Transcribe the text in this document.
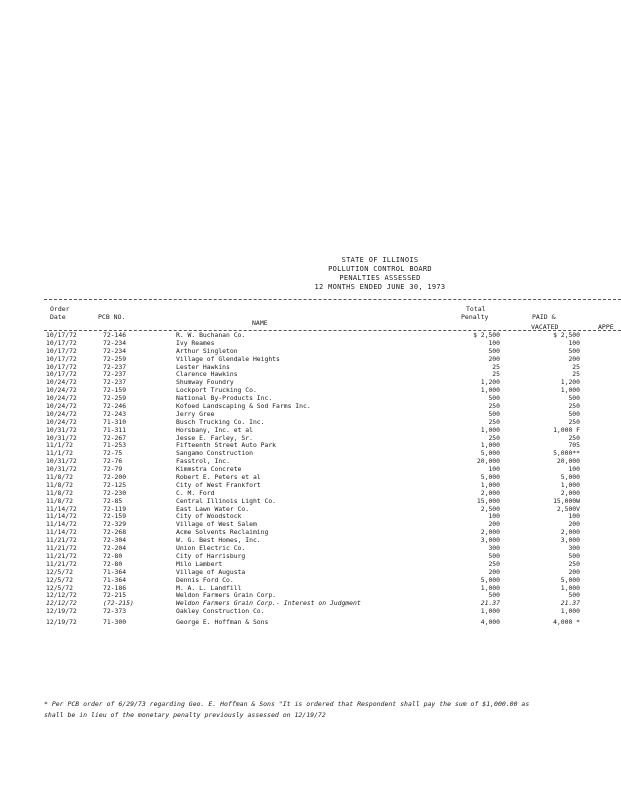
STATE OF ILLINOIS
POLLUTION CONTROL BOARD
PENALTIES ASSESSED
12 MONTHS ENDED JUNE 30, 1973
Order
Date	PCB NO.
NAME
Total
Penalty	PAID &
VACATED	APPE
10/17/72	72-146	R. W. Buchanan Co.	$ 2,500	$ 2,500
10/17/72	72-234	Ivy Reames	100	100
10/17/72	72-234	Arthur Singleton	500	500
10/17/72	72-259	Village of Glendale Heights	200	200
10/17/72	72-237	Lester Hawkins	25	25
10/17/72	72-237	Clarence Hawkins	25	25
10/24/72	72-237	Shumway Foundry	1,200	1,200
10/24/72	72-159	Lockport Trucking Co.	1,000	1,000
10/24/72	72-259	National By-Products Inc.	500	500
10/24/72	72-246	Kofoed Landscaping & Sod Farms Inc.	250	250
10/24/72	72-243	Jerry Gree	500	500
10/24/72	71-310	Busch Trucking Co. Inc.	250	250
10/31/72	71-311	Horsbany, Inc. et al	1,000	1,000 F
10/31/72	72-267	Jesse E. Farley, Sr.	250	250
11/1/72	71-253	Fifteenth Street Auto Park	1,000	705
11/1/72	72-75	Sangamo Construction	5,000	5,000**
10/31/72	72-76	Fasstrol, Inc.	20,000	20,000
10/31/72	72-79	Kimmstra Concrete	100	100
11/8/72	72-200	Robert E. Peters et al	5,000	5,000
11/8/72	72-125	City of West Frankfort	1,000	1,000
11/8/72	72-230	C. M. Ford	2,000	2,000
11/8/72	72-85	Central Illinois Light Co.	15,000	15,000W
11/14/72	72-119	East Lawn Water Co.	2,500	2,500V
11/14/72	72-159	City of Woodstock	100	100
11/14/72	72-329	Village of West Salem	200	200
11/14/72	72-268	Acme Solvents Reclaiming	2,000	2,000
11/21/72	72-304	W. G. Best Homes, Inc.	3,000	3,000
11/21/72	72-204	Union Electric Co.	300	300
11/21/72	72-80	City of Harrisburg	500	500
11/21/72	72-80	Milo Lambert	250	250
12/5/72	71-364	Village of Augusta	200	200
12/5/72	71-364	Dennis Ford Co.	5,000	5,000
12/5/72	72-186	M. A. L. Landfill	1,000	1,000
12/12/72	72-215	Weldon Farmers Grain Corp.	500	500
12/12/72	(72-215)	Weldon Farmers Grain Corp.- Interest on Judgment	21.37	21.37
12/19/72	72-373	Oakley Construction Co.	1,000	1,000
12/19/72	71-300	George E. Hoffman & Sons	4,000	4,000 *
* Per PCB order of 6/29/73 regarding Geo. E. Hoffman & Sons "It is ordered that Respondent shall pay the sum of $1,000.00 as
shall be in lieu of the monetary penalty previously assessed on 12/19/72
